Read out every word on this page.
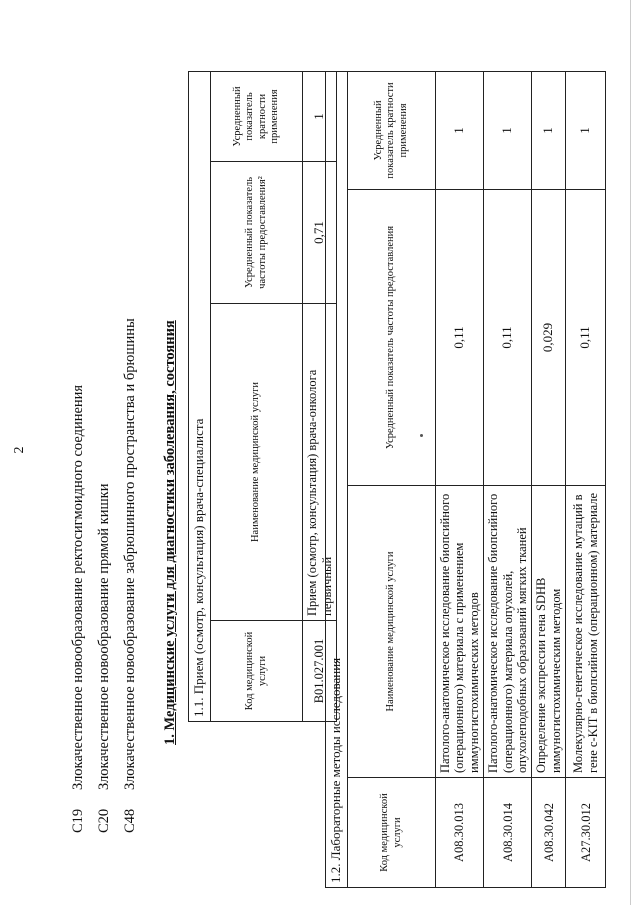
2
C19
Злокачественное новообразование ректосигмоидного соединения
C20
Злокачественное новообразование прямой кишки
C48
Злокачественное новообразование забрюшинного пространства и брюшины 1. Медицинские услуги для диагностики заболевания, состояния 1.1. Прием (осмотр, консультация) врача-специалиста			
Код медицинской услуги	Наименование медицинской услуги	Усредненный показатель частоты предоставления²	Усредненный показатель кратности применения
B01.027.001	Прием (осмотр, консультация) врача-онколога первичный	0,71	1
1.2. Лабораторные методы исследования			
Код медицинской услуги	Наименование медицинской услуги	Усредненный показатель частоты предоставления	Усредненный показатель кратности применения
A08.30.013	Патолого-анатомическое исследование биопсийного (операционного) материала с применением иммуногистохимических методов	0,11	1
A08.30.014	Патолого-анатомическое исследование биопсийного (операционного) материала опухолей, опухолеподобных образований мягких тканей	0,11	1
A08.30.042	Определение экспрессии гена SDHB иммуногистохимическим методом	0,029	1
A27.30.012	Молекулярно-генетическое исследование мутаций в гене c-KIT в биопсийном (операционном) материале	0,11	1
